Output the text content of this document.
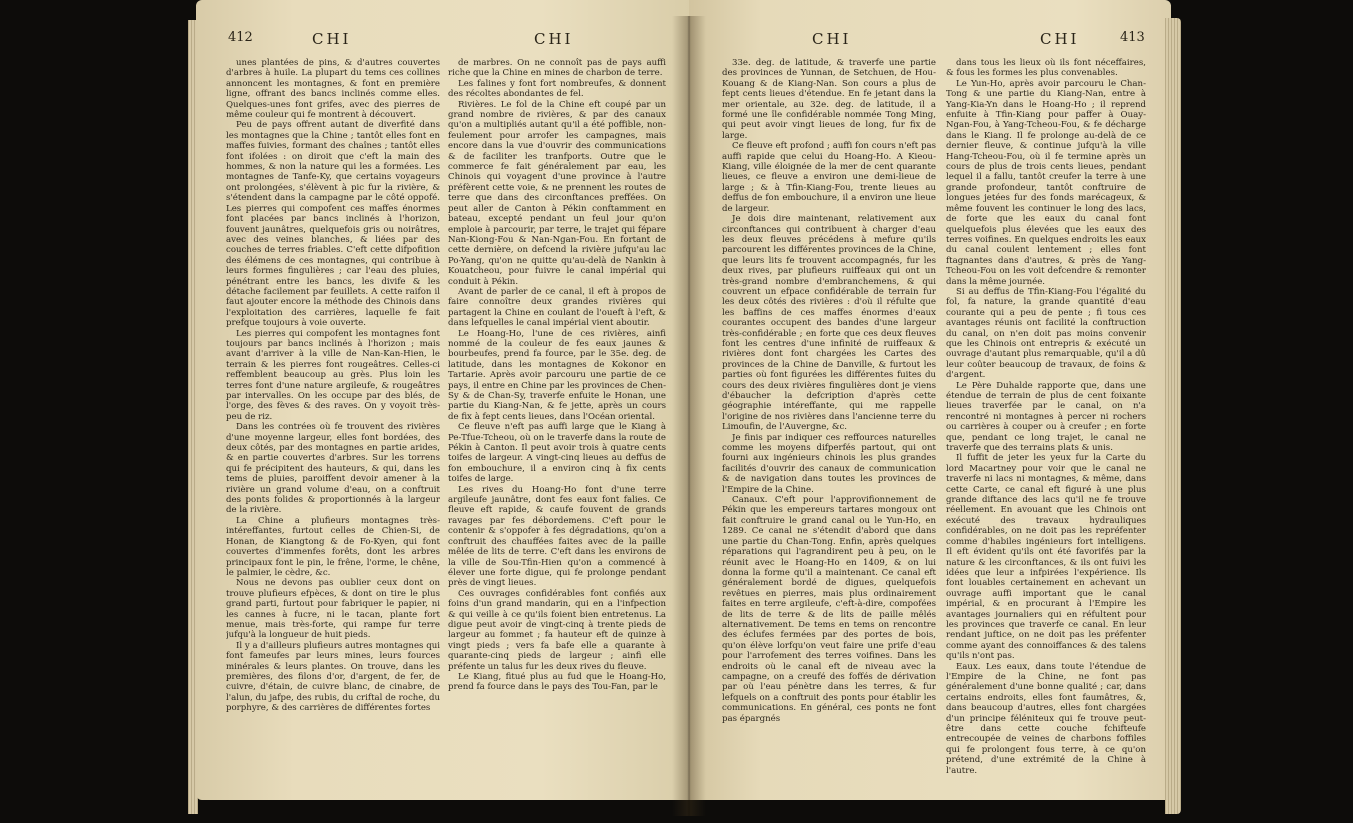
412	CHI	CHI	CHI	CHI	413

unes plantées de pins, & d'autres couvertes d'arbres à huile. La plupart du tems ces collines annoncent les montagnes, & font en première ligne, offrant des bancs inclinés comme elles. Quelques-unes font grifes, avec des pierres de même couleur qui fe montrent à découvert.

Peu de pays offrent autant de diverfité dans les montagnes que la Chine ; tantôt elles font en maffes fuivies, formant des chaînes ; tantôt elles font ifolées : on diroit que c'eft la main des hommes, & non la nature qui les a formées. Les montagnes de Tanfe-Ky, que certains voyageurs ont prolongées, s'élèvent à pic fur la rivière, & s'étendent dans la campagne par le côté oppofé. Les pierres qui compofent ces maffes énormes font placées par bancs inclinés à l'horizon, fouvent jaunâtres, quelquefois gris ou noirâtres, avec des veines blanches, & liées par des couches de terres friables. C'eft cette difpofition des élémens de ces montagnes, qui contribue à leurs formes fingulières ; car l'eau des pluies, pénétrant entre les bancs, les divife & les détache facilement par feuillets. A cette raifon il faut ajouter encore la méthode des Chinois dans l'exploitation des carrières, laquelle fe fait prefque toujours à voie ouverte.

Les pierres qui compofent les montagnes font toujours par bancs inclinés à l'horizon ; mais avant d'arriver à la ville de Nan-Kan-Hien, le terrain & les pierres font rougeâtres. Celles-ci reffemblent beaucoup au grès. Plus loin les terres font d'une nature argileufe, & rougeâtres par intervalles. On les occupe par des blés, de l'orge, des fèves & des raves. On y voyoit très-peu de riz.

Dans les contrées où fe trouvent des rivières d'une moyenne largeur, elles font bordées, des deux côtés, par des montagnes en partie arides, & en partie couvertes d'arbres. Sur les torrens qui fe précipitent des hauteurs, & qui, dans les tems de pluies, paroiffent devoir amener à la rivière un grand volume d'eau, on a conftruit des ponts folides & proportionnés à la largeur de la rivière.

La Chine a plufieurs montagnes très-intéreffantes, furtout celles de Chien-Si, de Honan, de Kiangtong & de Fo-Kyen, qui font couvertes d'immenfes forêts, dont les arbres principaux font le pin, le frêne, l'orme, le chêne, le palmier, le cèdre, &c.

Nous ne devons pas oublier ceux dont on trouve plufieurs efpèces, & dont on tire le plus grand parti, furtout pour fabriquer le papier, ni les cannes à fucre, ni le tacan, plante fort menue, mais très-forte, qui rampe fur terre jufqu'à la longueur de huit pieds.

Il y a d'ailleurs plufieurs autres montagnes qui font fameufes par leurs mines, leurs fources minérales & leurs plantes. On trouve, dans les premières, des filons d'or, d'argent, de fer, de cuivre, d'étain, de cuivre blanc, de cinabre, de l'alun, du jafpe, des rubis, du criftal de roche, du porphyre, & des carrières de différentes fortes

de marbres. On ne connoît pas de pays auffi riche que la Chine en mines de charbon de terre.

Les falines y font fort nombreufes, & donnent des récoltes abondantes de fel.

Rivières. Le fol de la Chine eft coupé par un grand nombre de rivières, & par des canaux qu'on a multipliés autant qu'il a été poffible, non-feulement pour arrofer les campagnes, mais encore dans la vue d'ouvrir des communications & de faciliter les tranfports. Outre que le commerce fe fait généralement par eau, les Chinois qui voyagent d'une province à l'autre préfèrent cette voie, & ne prennent les routes de terre que dans des circonftances preffées. On peut aller de Canton à Pékin conftamment en bateau, excepté pendant un feul jour qu'on emploie à parcourir, par terre, le trajet qui fépare Nan-Kiong-Fou & Nan-Ngan-Fou. En fortant de cette dernière, on defcend la rivière jufqu'au lac Po-Yang, qu'on ne quitte qu'au-delà de Nankin à Kouatcheou, pour fuivre le canal impérial qui conduit à Pékin.

Avant de parler de ce canal, il eft à propos de faire connoître deux grandes rivières qui partagent la Chine en coulant de l'oueft à l'eft, & dans lefquelles le canal impérial vient aboutir.

Le Hoang-Ho, l'une de ces rivières, ainfi nommé de la couleur de fes eaux jaunes & bourbeufes, prend fa fource, par le 35e. deg. de latitude, dans les montagnes de Kokonor en Tartarie. Après avoir parcouru une partie de ce pays, il entre en Chine par les provinces de Chen-Sy & de Chan-Sy, traverfe enfuite le Honan, une partie du Kiang-Nan, & fe jette, après un cours de fix à fept cents lieues, dans l'Océan oriental.

Ce fleuve n'eft pas auffi large que le Kiang à Pe-Tfue-Tcheou, où on le traverfe dans la route de Pékin à Canton. Il peut avoir trois à quatre cents toifes de largeur. A vingt-cinq lieues au deffus de fon embouchure, il a environ cinq à fix cents toifes de large.

Les rives du Hoang-Ho font d'une terre argileufe jaunâtre, dont fes eaux font falies. Ce fleuve eft rapide, & caufe fouvent de grands ravages par fes débordemens. C'eft pour le contenir & s'oppofer à fes dégradations, qu'on a conftruit des chauffées faites avec de la paille mêlée de lits de terre. C'eft dans les environs de la ville de Sou-Tfin-Hien qu'on a commencé à élever une forte digue, qui fe prolonge pendant près de vingt lieues.

Ces ouvrages confidérables font confiés aux foins d'un grand mandarin, qui en a l'infpection & qui veille à ce qu'ils foient bien entretenus. La digue peut avoir de vingt-cinq à trente pieds de largeur au fommet ; fa hauteur eft de quinze à vingt pieds ; vers fa bafe elle a quarante à quarante-cinq pieds de largeur ; ainfi elle préfente un talus fur les deux rives du fleuve.

Le Kiang, fitué plus au fud que le Hoang-Ho, prend fa fource dans le pays des Tou-Fan, par le

33e. deg. de latitude, & traverfe une partie des provinces de Yunnan, de Setchuen, de Hou-Kouang & de Kiang-Nan. Son cours a plus de fept cents lieues d'étendue. En fe jetant dans la mer orientale, au 32e. deg. de latitude, il a formé une île confidérable nommée Tong Ming, qui peut avoir vingt lieues de long, fur fix de large.

Ce fleuve eft profond ; auffi fon cours n'eft pas auffi rapide que celui du Hoang-Ho. A Kieou-Kiang, ville éloignée de la mer de cent quarante lieues, ce fleuve a environ une demi-lieue de large ; & à Tfin-Kiang-Fou, trente lieues au deffus de fon embouchure, il a environ une lieue de largeur.

Je dois dire maintenant, relativement aux circonftances qui contribuent à charger d'eau les deux fleuves précédens à mefure qu'ils parcourent les différentes provinces de la Chine, que leurs lits fe trouvent accompagnés, fur les deux rives, par plufieurs ruiffeaux qui ont un très-grand nombre d'embranchemens, & qui couvrent un efpace confidérable de terrain fur les deux côtés des rivières : d'où il réfulte que les baffins de ces maffes énormes d'eaux courantes occupent des bandes d'une largeur très-confidérable ; en forte que ces deux fleuves font les centres d'une infinité de ruiffeaux & rivières dont font chargées les Cartes des provinces de la Chine de Danville, & furtout les parties où font figurées les différentes fuites du cours des deux rivières fingulières dont je viens d'ébaucher la defcription d'après cette géographie intéreffante, qui me rappelle l'origine de nos rivières dans l'ancienne terre du Limoufin, de l'Auvergne, &c.

Je finis par indiquer ces reffources naturelles comme les moyens difperfés partout, qui ont fourni aux ingénieurs chinois les plus grandes facilités d'ouvrir des canaux de communication & de navigation dans toutes les provinces de l'Empire de la Chine.

Canaux. C'eft pour l'approvifionnement de Pékin que les empereurs tartares mongoux ont fait conftruire le grand canal ou le Yun-Ho, en 1289. Ce canal ne s'étendit d'abord que dans une partie du Chan-Tong. Enfin, après quelques réparations qui l'agrandirent peu à peu, on le réunit avec le Hoang-Ho en 1409, & on lui donna la forme qu'il a maintenant. Ce canal eft généralement bordé de digues, quelquefois revêtues en pierres, mais plus ordinairement faites en terre argileufe, c'eft-à-dire, compofées de lits de terre & de lits de paille mêlés alternativement. De tems en tems on rencontre des éclufes fermées par des portes de bois, qu'on élève lorfqu'on veut faire une prife d'eau pour l'arrofement des terres voifines. Dans les endroits où le canal eft de niveau avec la campagne, on a creufé des foffés de dérivation par où l'eau pénètre dans les terres, & fur lefquels on a conftruit des ponts pour établir les communications. En général, ces ponts ne font pas épargnés

dans tous les lieux où ils font néceffaires, & fous les formes les plus convenables.

Le Yun-Ho, après avoir parcouru le Chan-Tong & une partie du Kiang-Nan, entre à Yang-Kia-Yn dans le Hoang-Ho ; il reprend enfuite à Tfin-Kiang pour paffer à Ouay-Ngan-Fou, à Yang-Tcheou-Fou, & fe décharge dans le Kiang. Il fe prolonge au-delà de ce dernier fleuve, & continue jufqu'à la ville Hang-Tcheou-Fou, où il fe termine après un cours de plus de trois cents lieues, pendant lequel il a fallu, tantôt creufer la terre à une grande profondeur, tantôt conftruire de longues jetées fur des fonds marécageux, & même fouvent les continuer le long des lacs, de forte que les eaux du canal font quelquefois plus élevées que les eaux des terres voifines. En quelques endroits les eaux du canal coulent lentement ; elles font ftagnantes dans d'autres, & près de Yang-Tcheou-Fou on les voit defcendre & remonter dans la même journée.

Si au deffus de Tfin-Kiang-Fou l'égalité du fol, fa nature, la grande quantité d'eau courante qui a peu de pente ; fi tous ces avantages réunis ont facilité la conftruction du canal, on n'en doit pas moins convenir que les Chinois ont entrepris & exécuté un ouvrage d'autant plus remarquable, qu'il a dû leur coûter beaucoup de travaux, de foins & d'argent.

Le Père Duhalde rapporte que, dans une étendue de terrain de plus de cent foixante lieues traverfée par le canal, on n'a rencontré ni montagnes à percer ni rochers ou carrières à couper ou à creufer ; en forte que, pendant ce long trajet, le canal ne traverfe que des terrains plats & unis.

Il fuffit de jeter les yeux fur la Carte du lord Macartney pour voir que le canal ne traverfe ni lacs ni montagnes, & même, dans cette Carte, ce canal eft figuré à une plus grande diftance des lacs qu'il ne fe trouve réellement. En avouant que les Chinois ont exécuté des travaux hydrauliques confidérables, on ne doit pas les repréfenter comme d'habiles ingénieurs fort intelligens. Il eft évident qu'ils ont été favorifés par la nature & les circonftances, & ils ont fuivi les idées que leur a infpirées l'expérience. Ils font louables certainement en achevant un ouvrage auffi important que le canal impérial, & en procurant à l'Empire les avantages journaliers qui en réfultent pour les provinces que traverfe ce canal. En leur rendant juftice, on ne doit pas les préfenter comme ayant des connoiffances & des talens qu'ils n'ont pas.

Eaux. Les eaux, dans toute l'étendue de l'Empire de la Chine, ne font pas généralement d'une bonne qualité ; car, dans certains endroits, elles font faumâtres, &, dans beaucoup d'autres, elles font chargées d'un principe féléniteux qui fe trouve peut-être dans cette couche fchifteufe entrecoupée de veines de charbons foffiles qui fe prolongent fous terre, à ce qu'on prétend, d'une extrémité de la Chine à l'autre.
